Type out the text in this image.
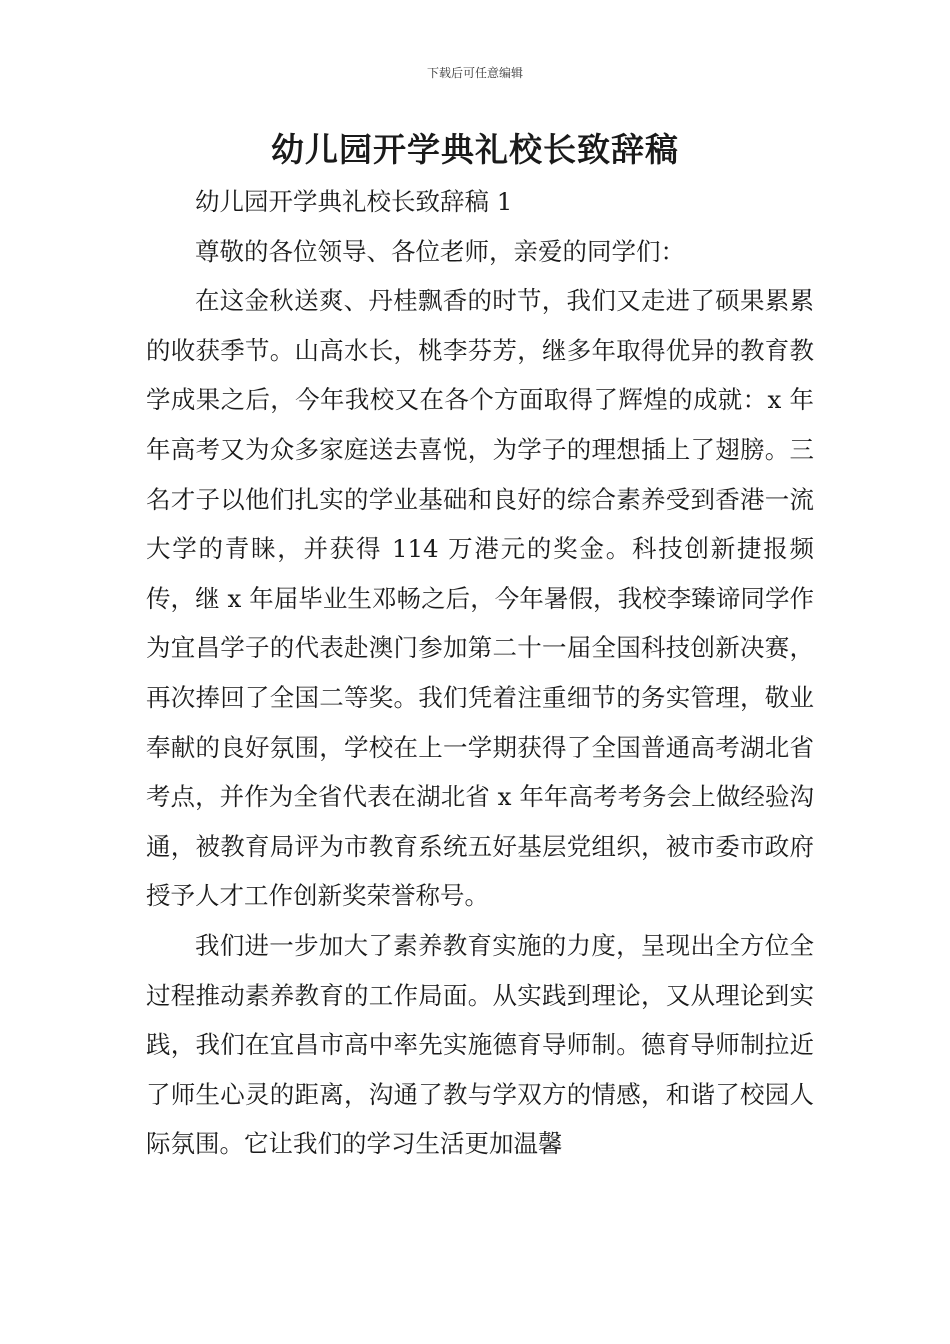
下载后可任意编辑
幼儿园开学典礼校长致辞稿

幼儿园开学典礼校长致辞稿 1

尊敬的各位领导、各位老师，亲爱的同学们：

在这金秋送爽、丹桂飘香的时节，我们又走进了硕果累累的收获季节。山高水长，桃李芬芳，继多年取得优异的教育教学成果之后，今年我校又在各个方面取得了辉煌的成就：x 年年高考又为众多家庭送去喜悦，为学子的理想插上了翅膀。三名才子以他们扎实的学业基础和良好的综合素养受到香港一流大学的青睐，并获得 114 万港元的奖金。科技创新捷报频传，继 x 年届毕业生邓畅之后，今年暑假，我校李臻谛同学作为宜昌学子的代表赴澳门参加第二十一届全国科技创新决赛，再次捧回了全国二等奖。我们凭着注重细节的务实管理，敬业奉献的良好氛围，学校在上一学期获得了全国普通高考湖北省考点，并作为全省代表在湖北省 x 年年高考考务会上做经验沟通，被教育局评为市教育系统五好基层党组织，被市委市政府授予人才工作创新奖荣誉称号。

我们进一步加大了素养教育实施的力度，呈现出全方位全过程推动素养教育的工作局面。从实践到理论，又从理论到实践，我们在宜昌市高中率先实施德育导师制。德育导师制拉近了师生心灵的距离，沟通了教与学双方的情感，和谐了校园人际氛围。它让我们的学习生活更加温馨
